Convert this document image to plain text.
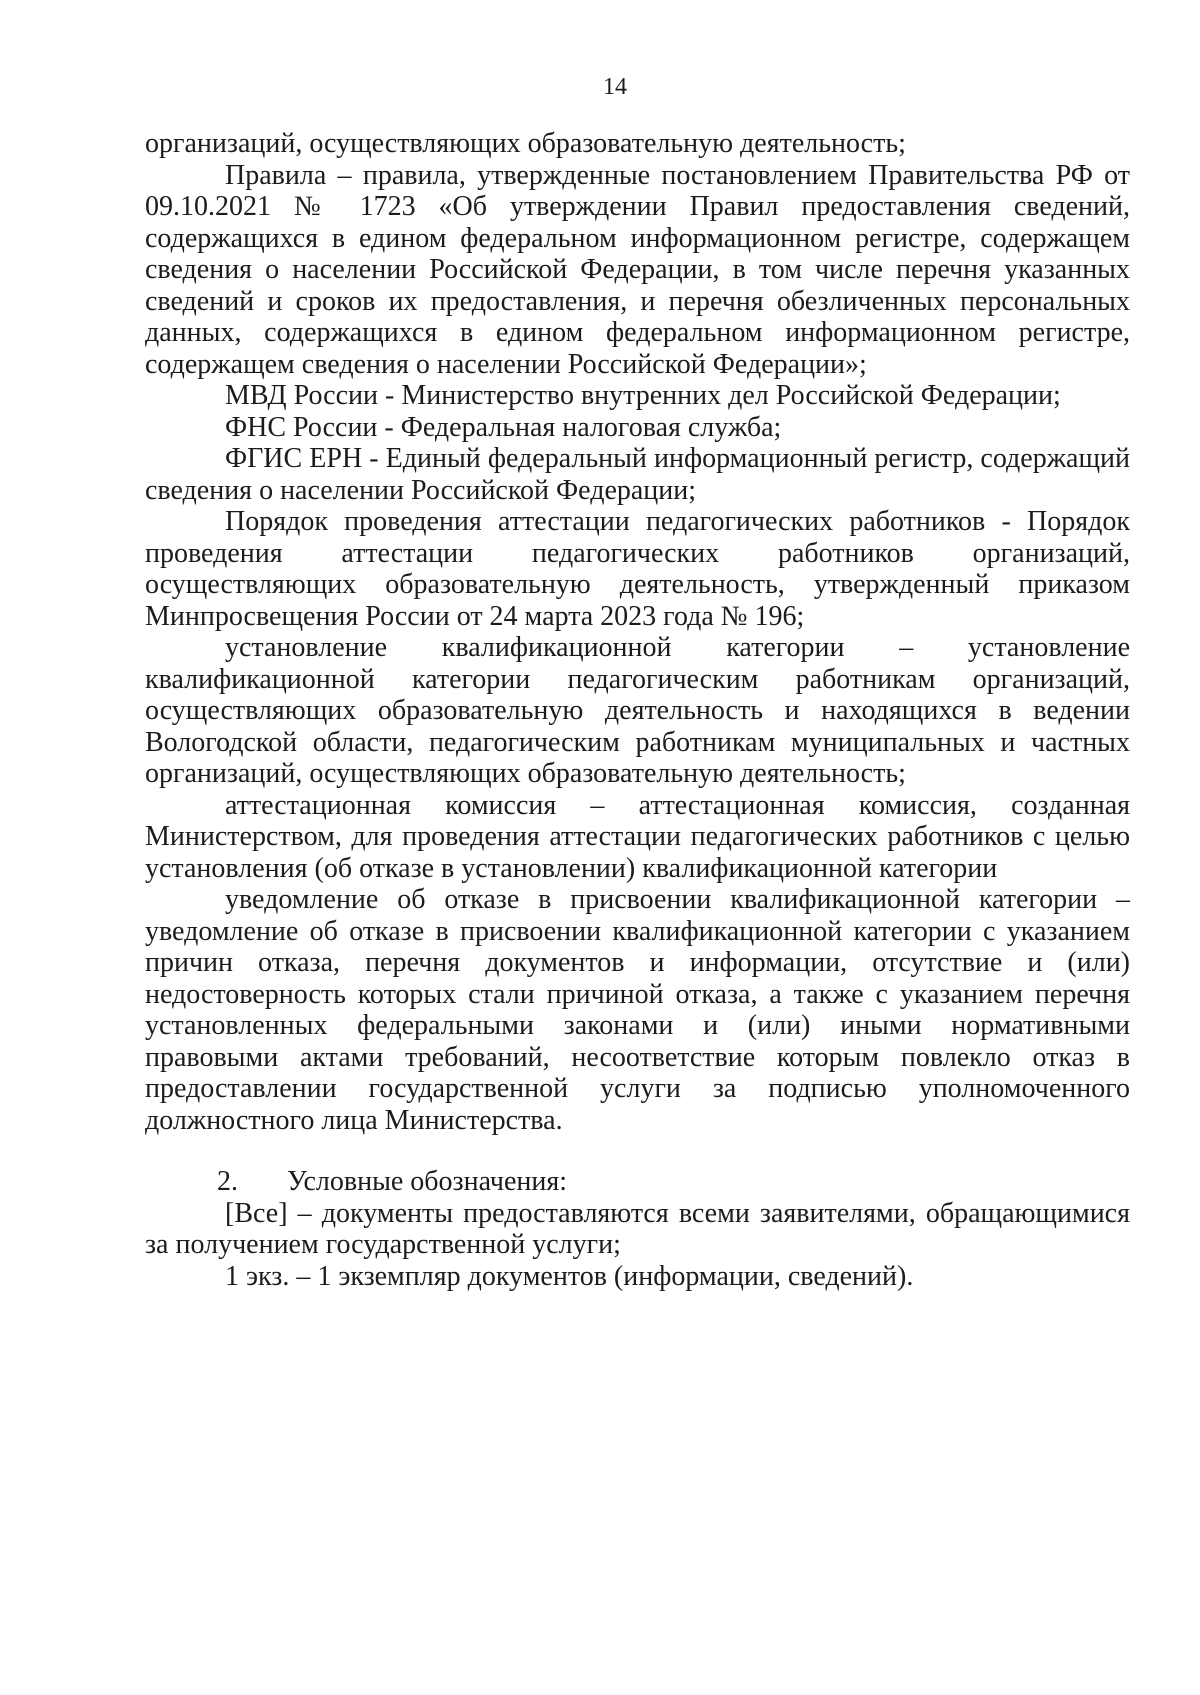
14

организаций, осуществляющих образовательную деятельность;

Правила – правила, утвержденные постановлением Правительства РФ от 09.10.2021 № 1723 «Об утверждении Правил предоставления сведений, содержащихся в едином федеральном информационном регистре, содержащем сведения о населении Российской Федерации, в том числе перечня указанных сведений и сроков их предоставления, и перечня обезличенных персональных данных, содержащихся в едином федеральном информационном регистре, содержащем сведения о населении Российской Федерации»;

МВД России - Министерство внутренних дел Российской Федерации;

ФНС России - Федеральная налоговая служба;

ФГИС ЕРН - Единый федеральный информационный регистр, содержащий сведения о населении Российской Федерации;

Порядок проведения аттестации педагогических работников - Порядок проведения аттестации педагогических работников организаций, осуществляющих образовательную деятельность, утвержденный приказом Минпросвещения России от 24 марта 2023 года № 196;

установление квалификационной категории – установление квалификационной категории педагогическим работникам организаций, осуществляющих образовательную деятельность и находящихся в ведении Вологодской области, педагогическим работникам муниципальных и частных организаций, осуществляющих образовательную деятельность;

аттестационная комиссия – аттестационная комиссия, созданная Министерством, для проведения аттестации педагогических работников с целью установления (об отказе в установлении) квалификационной категории

уведомление об отказе в присвоении квалификационной категории – уведомление об отказе в присвоении квалификационной категории с указанием причин отказа, перечня документов и информации, отсутствие и (или) недостоверность которых стали причиной отказа, а также с указанием перечня установленных федеральными законами и (или) иными нормативными правовыми актами требований, несоответствие которым повлекло отказ в предоставлении государственной услуги за подписью уполномоченного должностного лица Министерства.

2. Условные обозначения:

[Все] – документы предоставляются всеми заявителями, обращающимися за получением государственной услуги;

1 экз. – 1 экземпляр документов (информации, сведений).
